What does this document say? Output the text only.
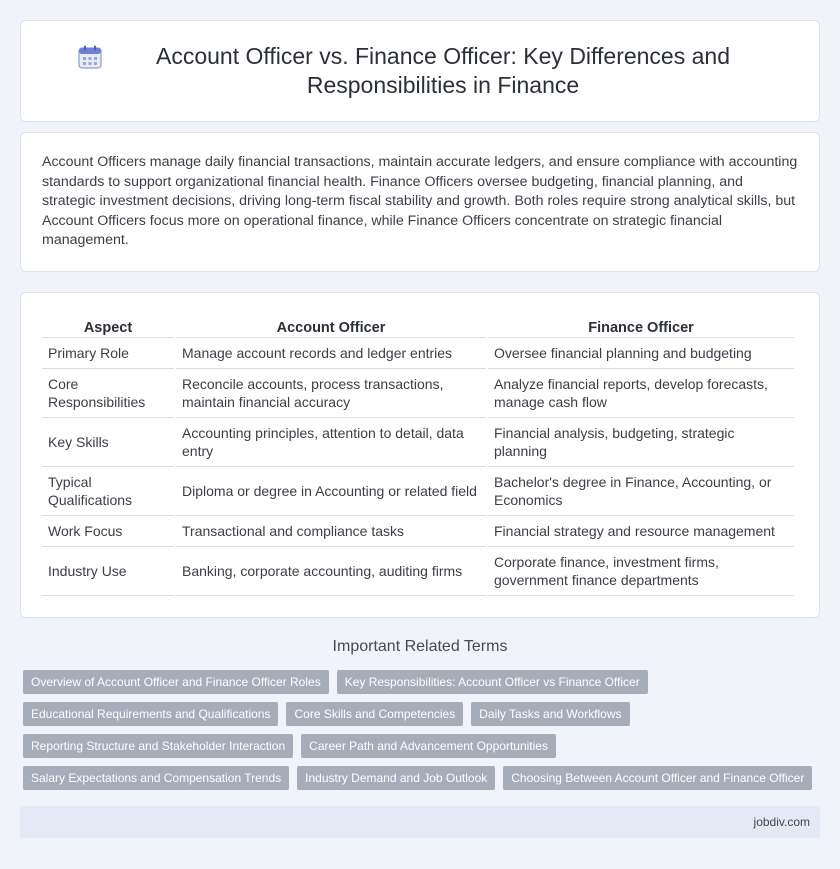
Account Officer vs. Finance Officer: Key Differences and Responsibilities in Finance

Account Officers manage daily financial transactions, maintain accurate ledgers, and ensure compliance with accounting standards to support organizational financial health. Finance Officers oversee budgeting, financial planning, and strategic investment decisions, driving long-term fiscal stability and growth. Both roles require strong analytical skills, but Account Officers focus more on operational finance, while Finance Officers concentrate on strategic financial management.

Aspect	Account Officer	Finance Officer
Primary Role	Manage account records and ledger entries	Oversee financial planning and budgeting
Core Responsibilities	Reconcile accounts, process transactions, maintain financial accuracy	Analyze financial reports, develop forecasts, manage cash flow
Key Skills	Accounting principles, attention to detail, data entry	Financial analysis, budgeting, strategic planning
Typical Qualifications	Diploma or degree in Accounting or related field	Bachelor's degree in Finance, Accounting, or Economics
Work Focus	Transactional and compliance tasks	Financial strategy and resource management
Industry Use	Banking, corporate accounting, auditing firms	Corporate finance, investment firms, government finance departments
Important Related Terms
Overview of Account Officer and Finance Officer Roles	Key Responsibilities: Account Officer vs Finance Officer
Educational Requirements and Qualifications	Core Skills and Competencies	Daily Tasks and Workflows
Reporting Structure and Stakeholder Interaction	Career Path and Advancement Opportunities
Salary Expectations and Compensation Trends	Industry Demand and Job Outlook	Choosing Between Account Officer and Finance Officer
jobdiv.com
